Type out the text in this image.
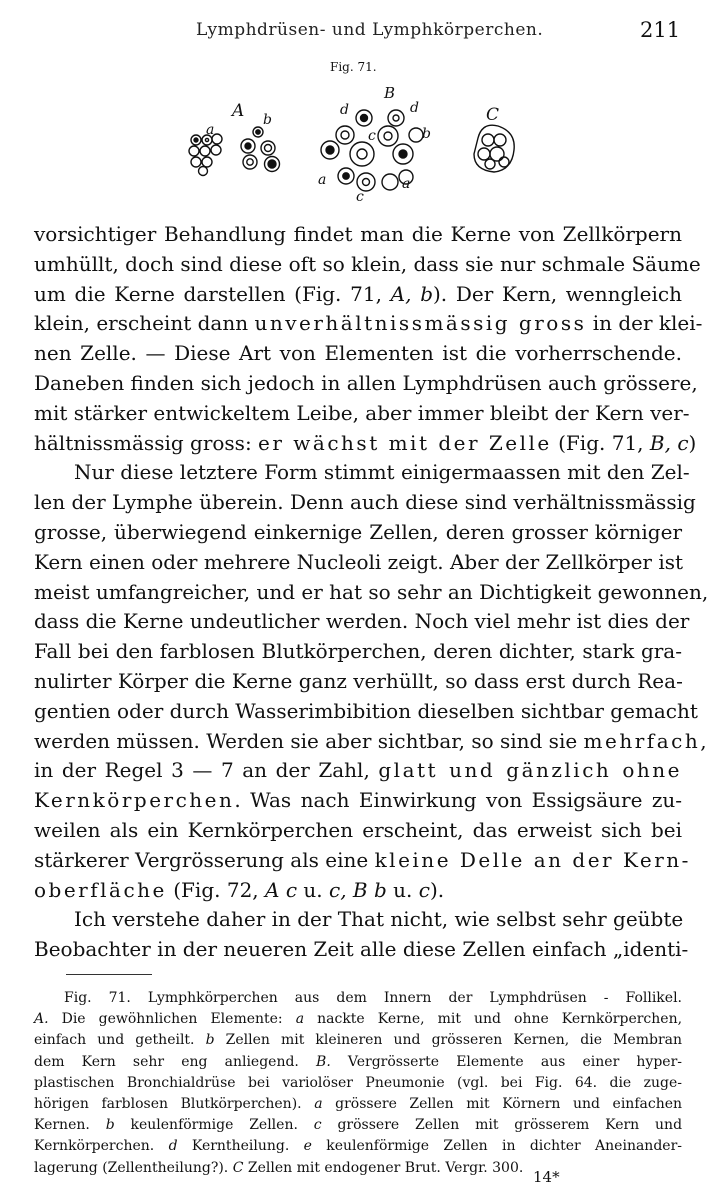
Lymphdrüsen- und Lymphkörperchen.	211
Fig. 71.
A
a
b
B
d	d
c	b
a
c
a
C
vorsichtiger Behandlung findet man die Kerne von Zellkörpern
umhüllt, doch sind diese oft so klein, dass sie nur schmale Säume
um die Kerne darstellen (Fig. 71, A, b). Der Kern, wenngleich
klein, erscheint dann unverhältnissmässig gross in der klei-
nen Zelle. — Diese Art von Elementen ist die vorherrschende.
Daneben finden sich jedoch in allen Lymphdrüsen auch grössere,
mit stärker entwickeltem Leibe, aber immer bleibt der Kern ver-
hältnissmässig gross: er wächst mit der Zelle (Fig. 71, B, c)
Nur diese letztere Form stimmt einigermaassen mit den Zel-
len der Lymphe überein. Denn auch diese sind verhältnissmässig
grosse, überwiegend einkernige Zellen, deren grosser körniger
Kern einen oder mehrere Nucleoli zeigt. Aber der Zellkörper ist
meist umfangreicher, und er hat so sehr an Dichtigkeit gewonnen,
dass die Kerne undeutlicher werden. Noch viel mehr ist dies der
Fall bei den farblosen Blutkörperchen, deren dichter, stark gra-
nulirter Körper die Kerne ganz verhüllt, so dass erst durch Rea-
gentien oder durch Wasserimbibition dieselben sichtbar gemacht
werden müssen. Werden sie aber sichtbar, so sind sie mehrfach,
in der Regel 3 — 7 an der Zahl, glatt und gänzlich ohne
Kernkörperchen. Was nach Einwirkung von Essigsäure zu-
weilen als ein Kernkörperchen erscheint, das erweist sich bei
stärkerer Vergrösserung als eine kleine Delle an der Kern-
oberfläche (Fig. 72, A c u. c, B b u. c).
Ich verstehe daher in der That nicht, wie selbst sehr geübte
Beobachter in der neueren Zeit alle diese Zellen einfach „identi-
Fig. 71. Lymphkörperchen aus dem Innern der Lymphdrüsen - Follikel.
A. Die gewöhnlichen Elemente: a nackte Kerne, mit und ohne Kernkörperchen,
einfach und getheilt. b Zellen mit kleineren und grösseren Kernen, die Membran
dem Kern sehr eng anliegend. B. Vergrösserte Elemente aus einer hyper-
plastischen Bronchialdrüse bei variolöser Pneumonie (vgl. bei Fig. 64. die zuge-
hörigen farblosen Blutkörperchen). a grössere Zellen mit Körnern und einfachen
Kernen. b keulenförmige Zellen. c grössere Zellen mit grösserem Kern und
Kernkörperchen. d Kerntheilung. e keulenförmige Zellen in dichter Aneinander-
lagerung (Zellentheilung?). C Zellen mit endogener Brut. Vergr. 300.
14*
